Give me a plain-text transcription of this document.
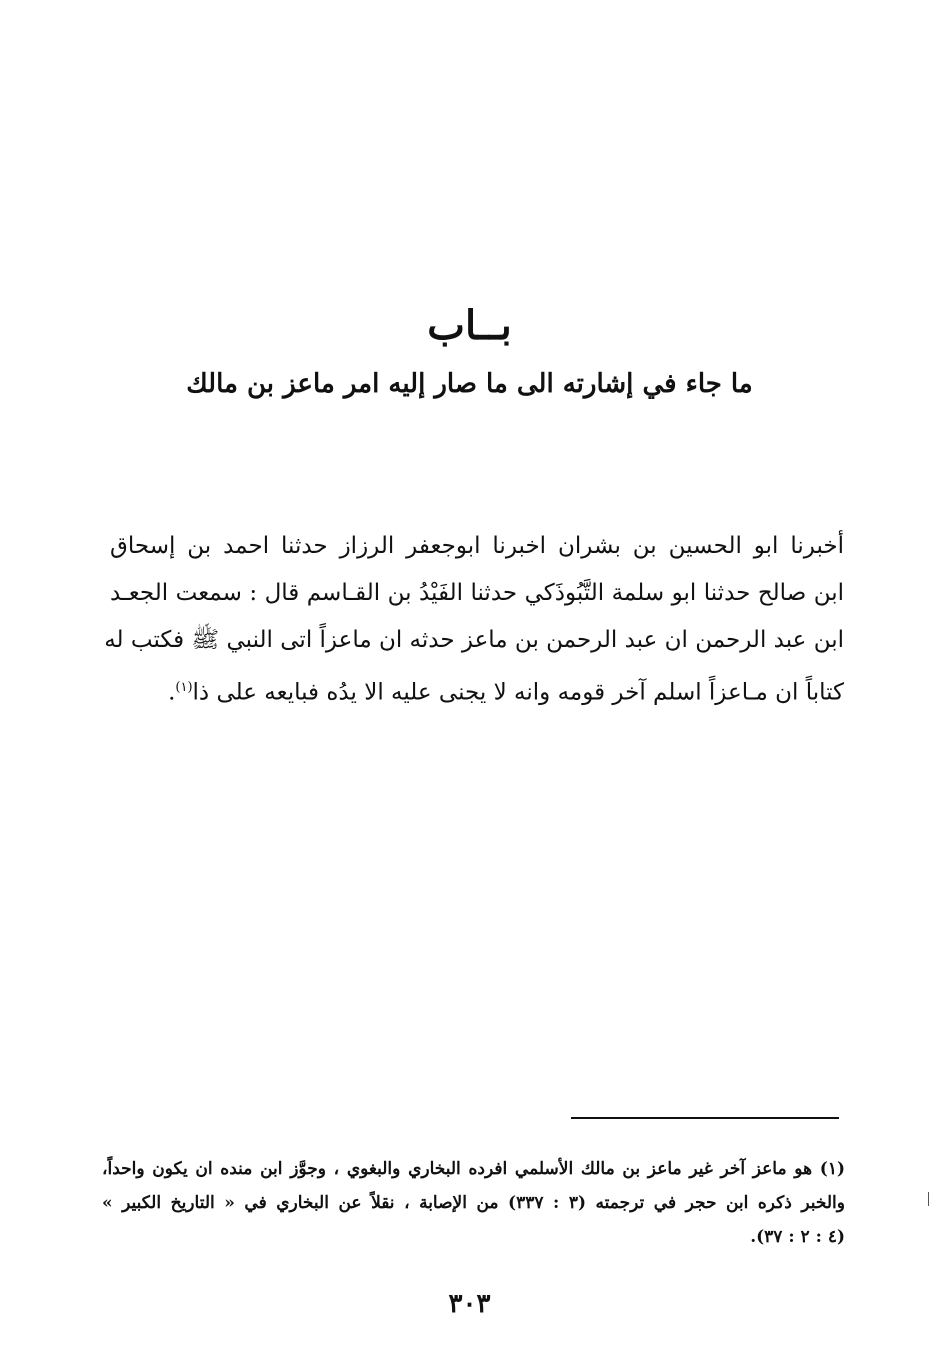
بــاب
ما جاء في إشارته الى ما صار إليه امر ماعز بن مالك
أخبرنا ابو الحسين بن بشران اخبرنا ابوجعفر الرزاز حدثنا احمد بن إسحاق
ابن صالح حدثنا ابو سلمة التَّبُوذَكي حدثنا الفَيْدُ بن القـاسم قال : سمعت الجعـد
ابن عبد الرحمن ان عبد الرحمن بن ماعز حدثه ان ماعزاً اتى النبي ﷺ فكتب له
كتاباً ان مـاعزاً اسلم آخر قومه وانه لا يجنى عليه الا يدُه فبايعه على ذا$^{(١)}$.
(١) هو ماعز آخر غير ماعز بن مالك الأسلمي افرده البخاري والبغوي ، وجوَّز ابن منده ان يكون واحداً،
والخبر ذكره ابن حجر في ترجمته (٣ : ٣٣٧) من الإصابة ، نقلاً عن البخاري في « التاريخ الكبير »
(٤ : ٢ : ٣٧).
٣٠٣
